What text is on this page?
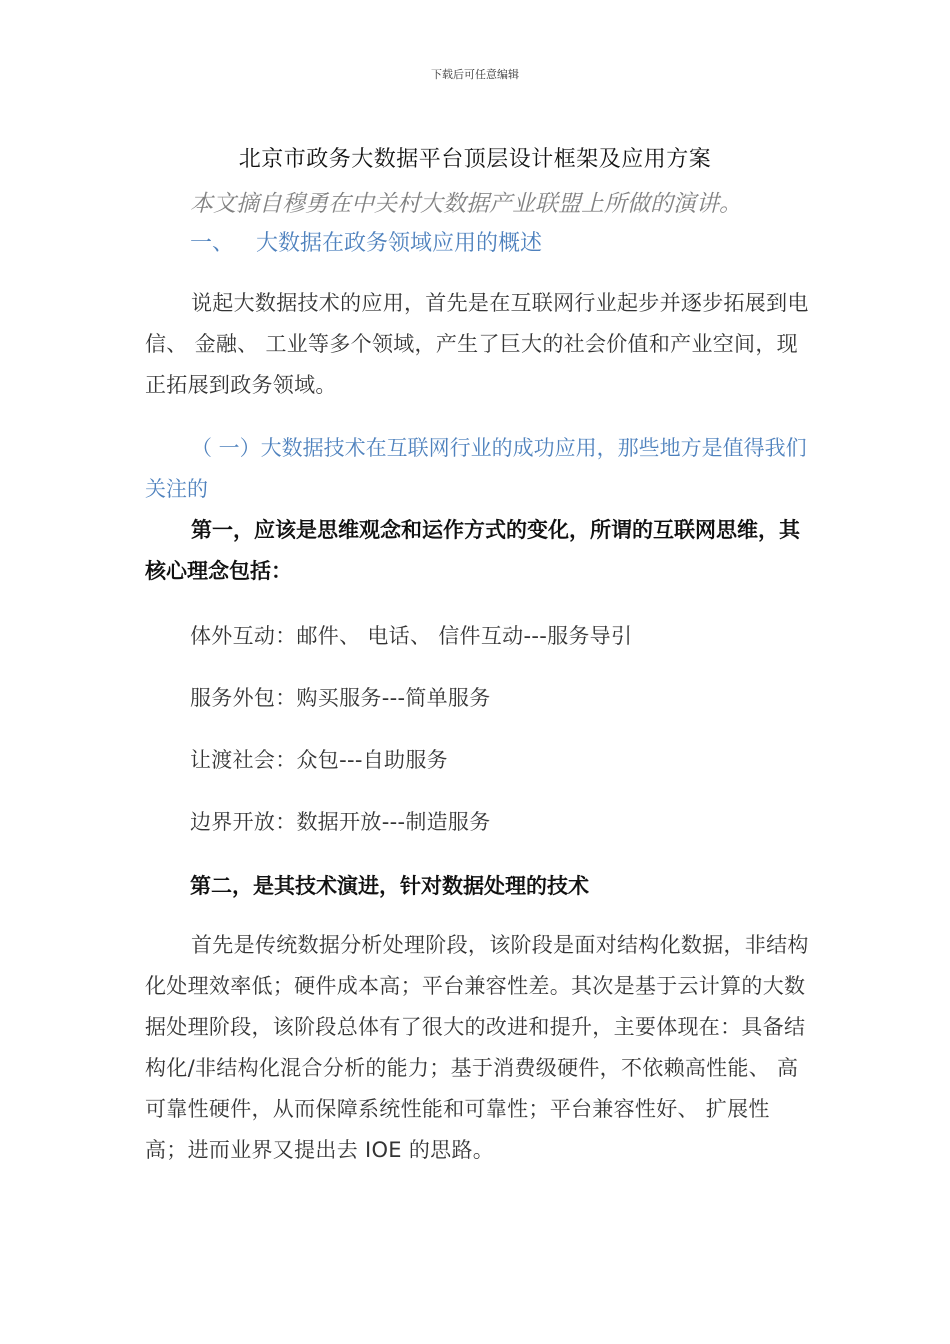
下载后可任意编辑
北京市政务大数据平台顶层设计框架及应用方案
本文摘自穆勇在中关村大数据产业联盟上所做的演讲。
一、 大数据在政务领域应用的概述

说起大数据技术的应用，首先是在互联网行业起步并逐步拓展到电信、 金融、 工业等多个领域，产生了巨大的社会价值和产业空间，现正拓展到政务领域。

（ 一）大数据技术在互联网行业的成功应用，那些地方是值得我们关注的

第一，应该是思维观念和运作方式的变化，所谓的互联网思维，其核心理念包括：

体外互动：邮件、 电话、 信件互动---服务导引

服务外包：购买服务---简单服务

让渡社会：众包---自助服务

边界开放：数据开放---制造服务

第二，是其技术演进，针对数据处理的技术

首先是传统数据分析处理阶段，该阶段是面对结构化数据，非结构化处理效率低；硬件成本高；平台兼容性差。其次是基于云计算的大数据处理阶段，该阶段总体有了很大的改进和提升，主要体现在：具备结构化/非结构化混合分析的能力；基于消费级硬件，不依赖高性能、 高可靠性硬件，从而保障系统性能和可靠性；平台兼容性好、 扩展性高；进而业界又提出去 IOE 的思路。
